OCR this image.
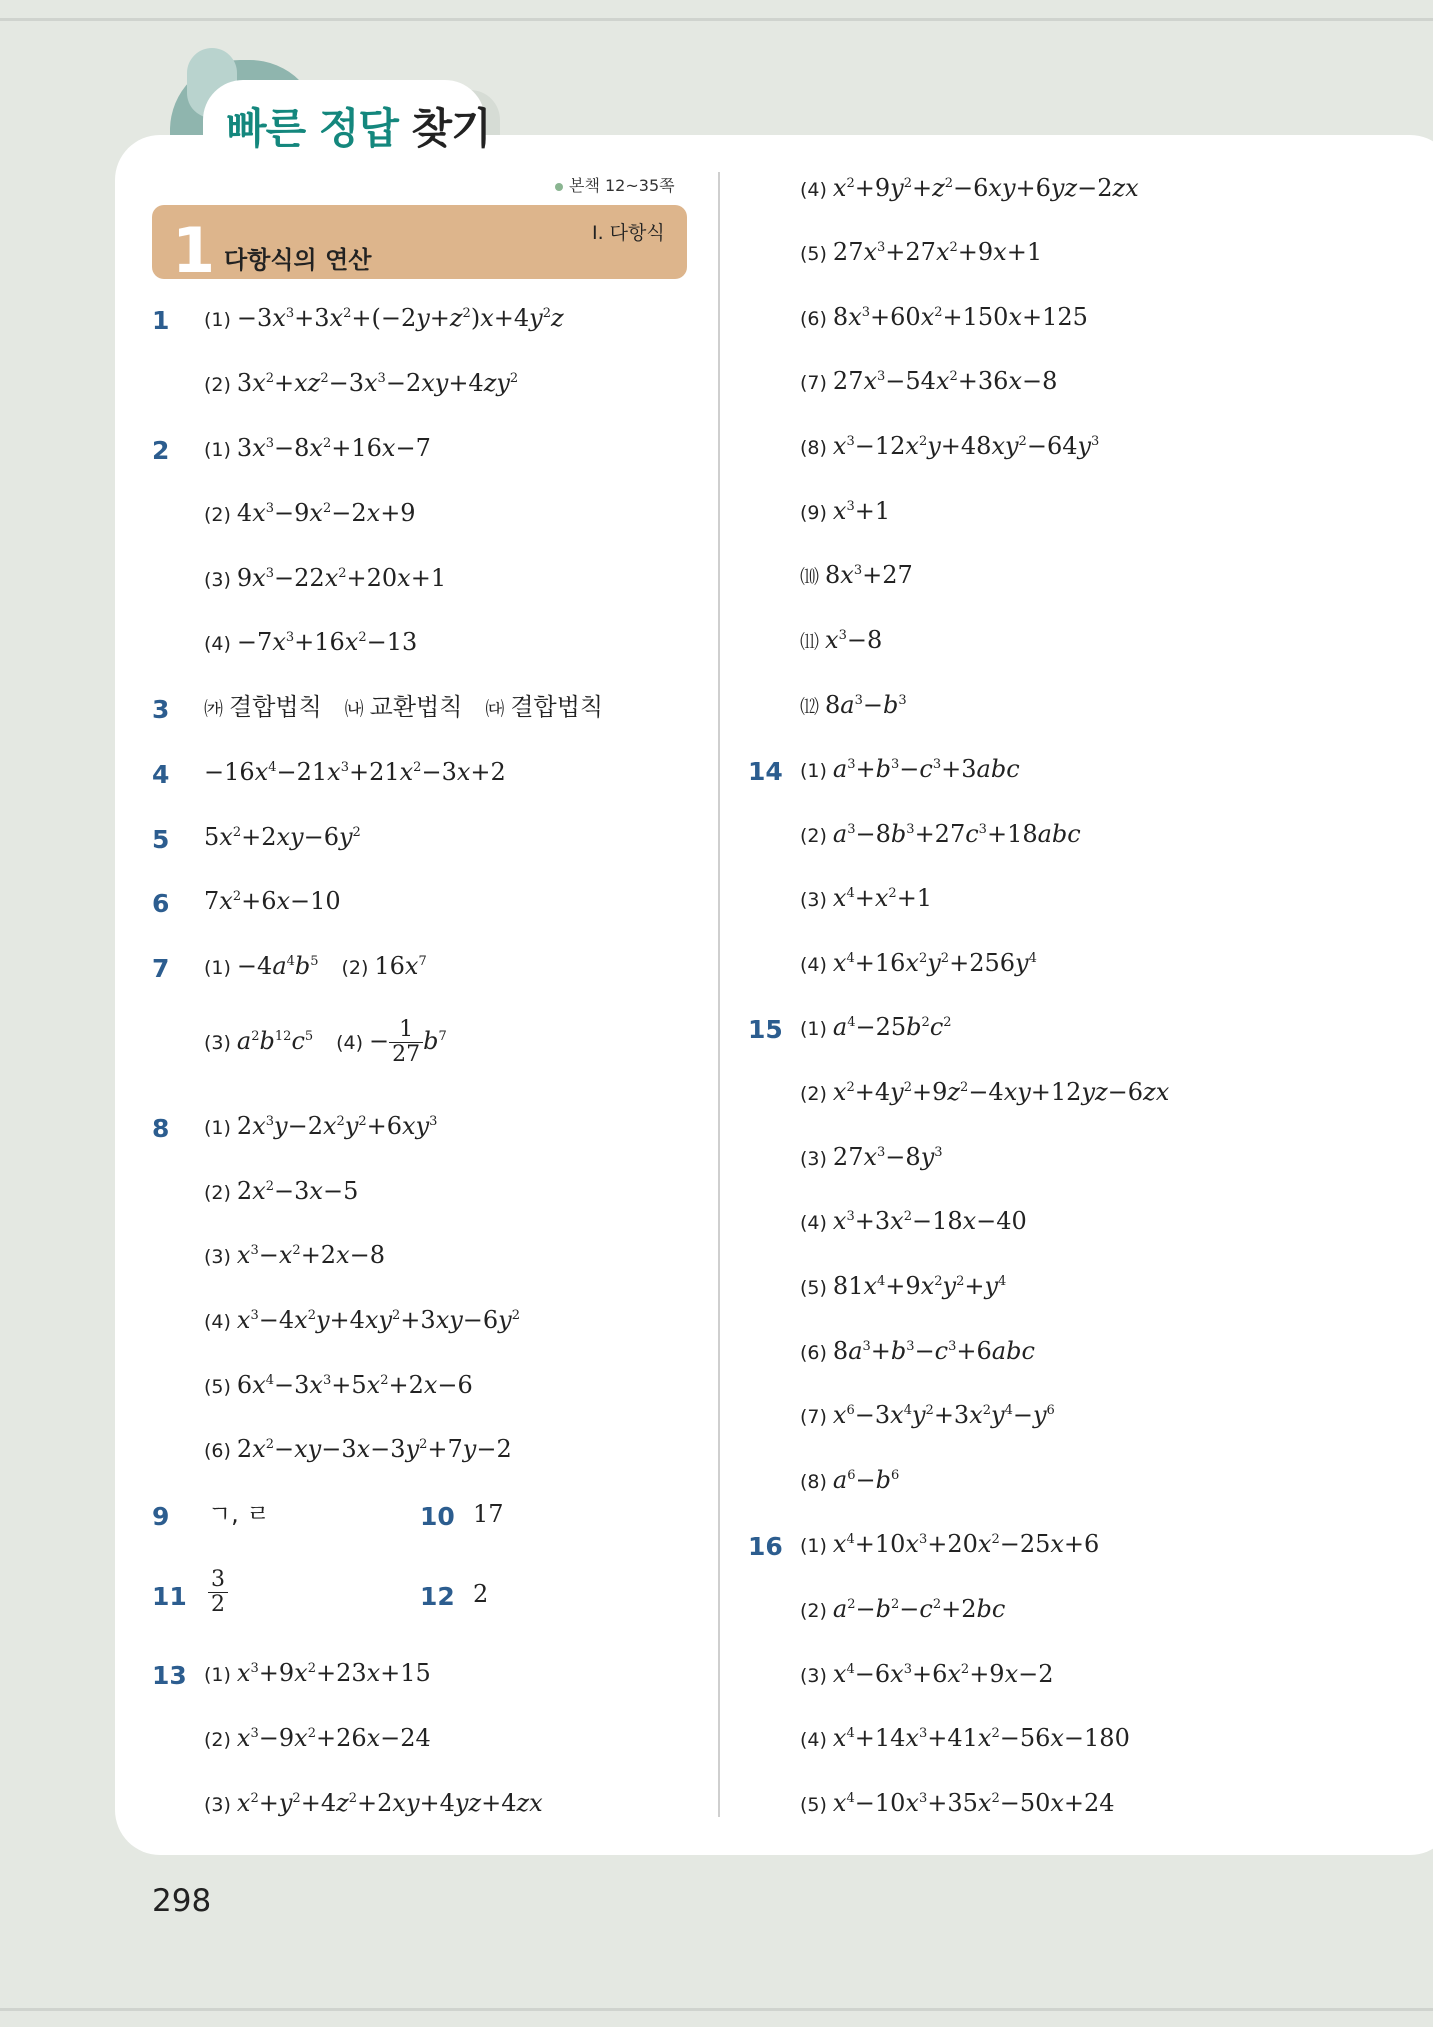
빠른 정답 찾기
본책 12~35쪽
1 다항식의 연산
Ⅰ. 다항식
1 $(1) -3x^3+3x^2+(-2y+z^2)x+4y^2z$
(2) $3x^2+xz^2-3x^3-2xy+4zy^2$
2 (1) $3x^3-8x^2+16x-7$
(2) $4x^3-9x^2-2x+9$
(3) $9x^3-22x^2+20x+1$
$(4) -7x^3+16x^2-13$
3 ㈎ 결합법칙 ㈏ 교환법칙 ㈐ 결합법칙
$4 -16x^4-21x^3+21x^2-3x+2$
5 $5x^2+2xy-6y^2$
6 $7x^2+6x-10$
7 $(1) -4a^4b^5$ (2) $16x^7$
(3) $a^2b^{12}c^5$ $(4) - \frac{1}{27} b^7$
8 (1) $2x^3y-2x^2y^2+6xy^3$
(2) $2x^2-3x-5$
(3) $x^3-x^2+2x-8$
(4) $x^3-4x^2y+4xy^2+3xy-6y^2$
(5) $6x^4-3x^3+5x^2+2x-6$
(6) $2x^2-xy-3x-3y^2+7y-2$
9 ㄱ, ㄹ	10 17
$11 \frac{3}{2}$	12 2
13 (1) $x^3+9x^2+23x+15$
(2) $x^3-9x^2+26x-24$
(3) $x^2+y^2+4z^2+2xy+4yz+4zx$
(4) $x^2+9y^2+z^2-6xy+6yz-2zx$
(5) $27x^3+27x^2+9x+1$
(6) $8x^3+60x^2+150x+125$
(7) $27x^3-54x^2+36x-8$
(8) $x^3-12x^2y+48xy^2-64y^3$
(9) $x^3+1$
⑽ $8x^3+27$
⑾ $x^3-8$
⑿ $8a^3-b^3$
14 (1) $a^3+b^3-c^3+3abc$
(2) $a^3-8b^3+27c^3+18abc$
(3) $x^4+x^2+1$
(4) $x^4+16x^2y^2+256y^4$
15 (1) $a^4-25b^2c^2$
(2) $x^2+4y^2+9z^2-4xy+12yz-6zx$
(3) $27x^3-8y^3$
(4) $x^3+3x^2-18x-40$
(5) $81x^4+9x^2y^2+y^4$
(6) $8a^3+b^3-c^3+6abc$
(7) $x^6-3x^4y^2+3x^2y^4-y^6$
(8) $a^6-b^6$
16 (1) $x^4+10x^3+20x^2-25x+6$
(2) $a^2-b^2-c^2+2bc$
(3) $x^4-6x^3+6x^2+9x-2$
(4) $x^4+14x^3+41x^2-56x-180$
(5) $x^4-10x^3+35x^2-50x+24$
298
